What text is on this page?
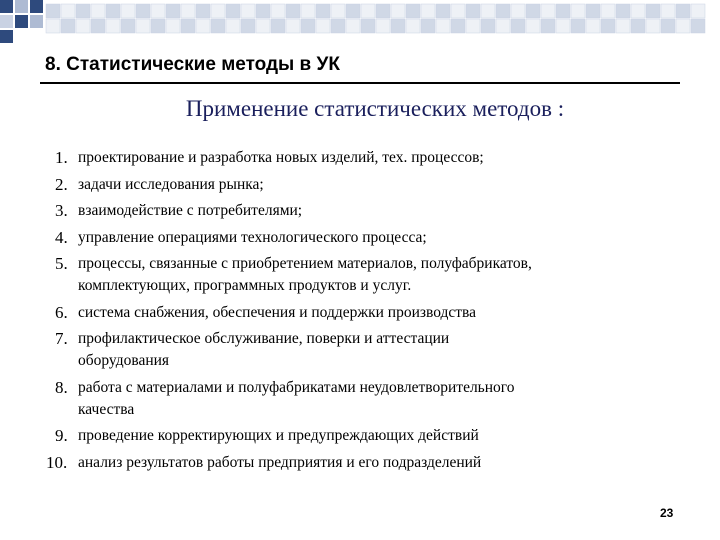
8. Статистические методы в УК
Применение статистических методов :
1. проектирование и разработка новых изделий, тех. процессов;
2. задачи исследования рынка;
3. взаимодействие с потребителями;
4. управление операциями технологического процесса;
5. процессы, связанные с приобретением материалов, полуфабрикатов,
комплектующих, программных продуктов и услуг.
6. система снабжения, обеспечения и поддержки производства
7. профилактическое обслуживание, поверки и аттестации
оборудования
8. работа с материалами и полуфабрикатами неудовлетворительного
качества
9. проведение корректирующих и предупреждающих действий
10. анализ результатов работы предприятия и его подразделений
23
